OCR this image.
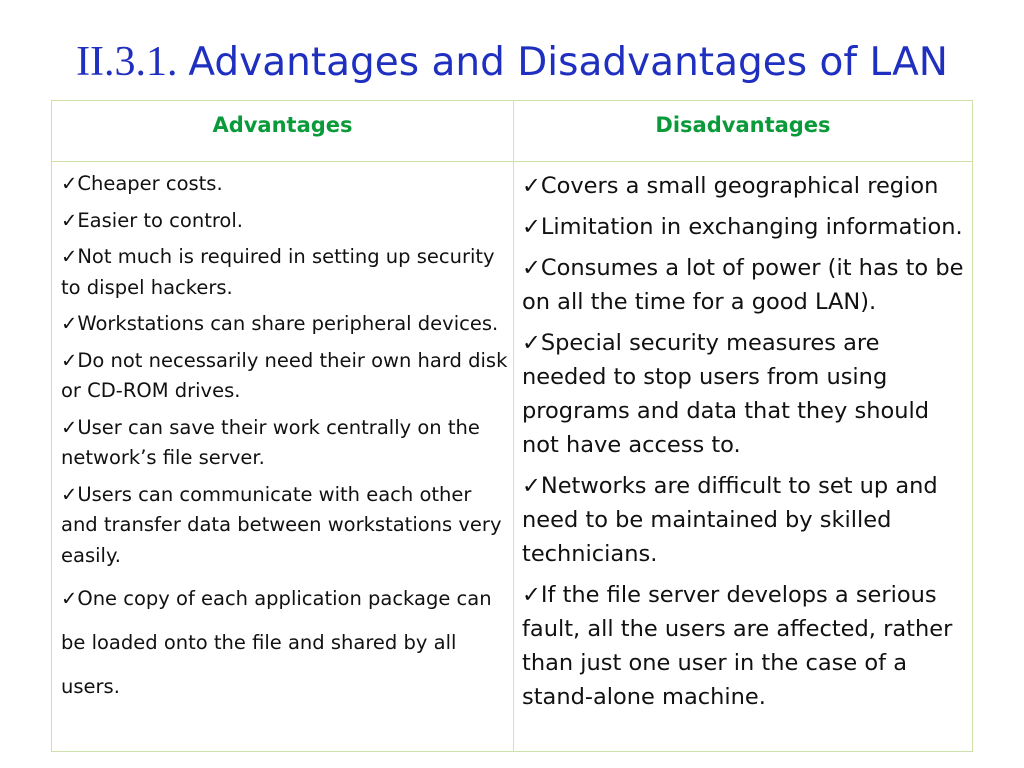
II.3.1. Advantages and Disadvantages of LAN
Advantages	Disadvantages

✓Cheaper costs.

✓Easier to control.

✓Not much is required in setting up security to dispel hackers.

✓Workstations can share peripheral devices.

✓Do not necessarily need their own hard disk or CD-ROM drives.

✓User can save their work centrally on the network’s file server.

✓Users can communicate with each other and transfer data between workstations very easily.

✓One copy of each application package can be loaded onto the file and shared by all users.

✓Covers a small geographical region

✓Limitation in exchanging information.

✓Consumes a lot of power (it has to be on all the time for a good LAN).

✓Special security measures are needed to stop users from using programs and data that they should not have access to.

✓Networks are difficult to set up and need to be maintained by skilled technicians.

✓If the file server develops a serious fault, all the users are affected, rather than just one user in the case of a stand-alone machine.
